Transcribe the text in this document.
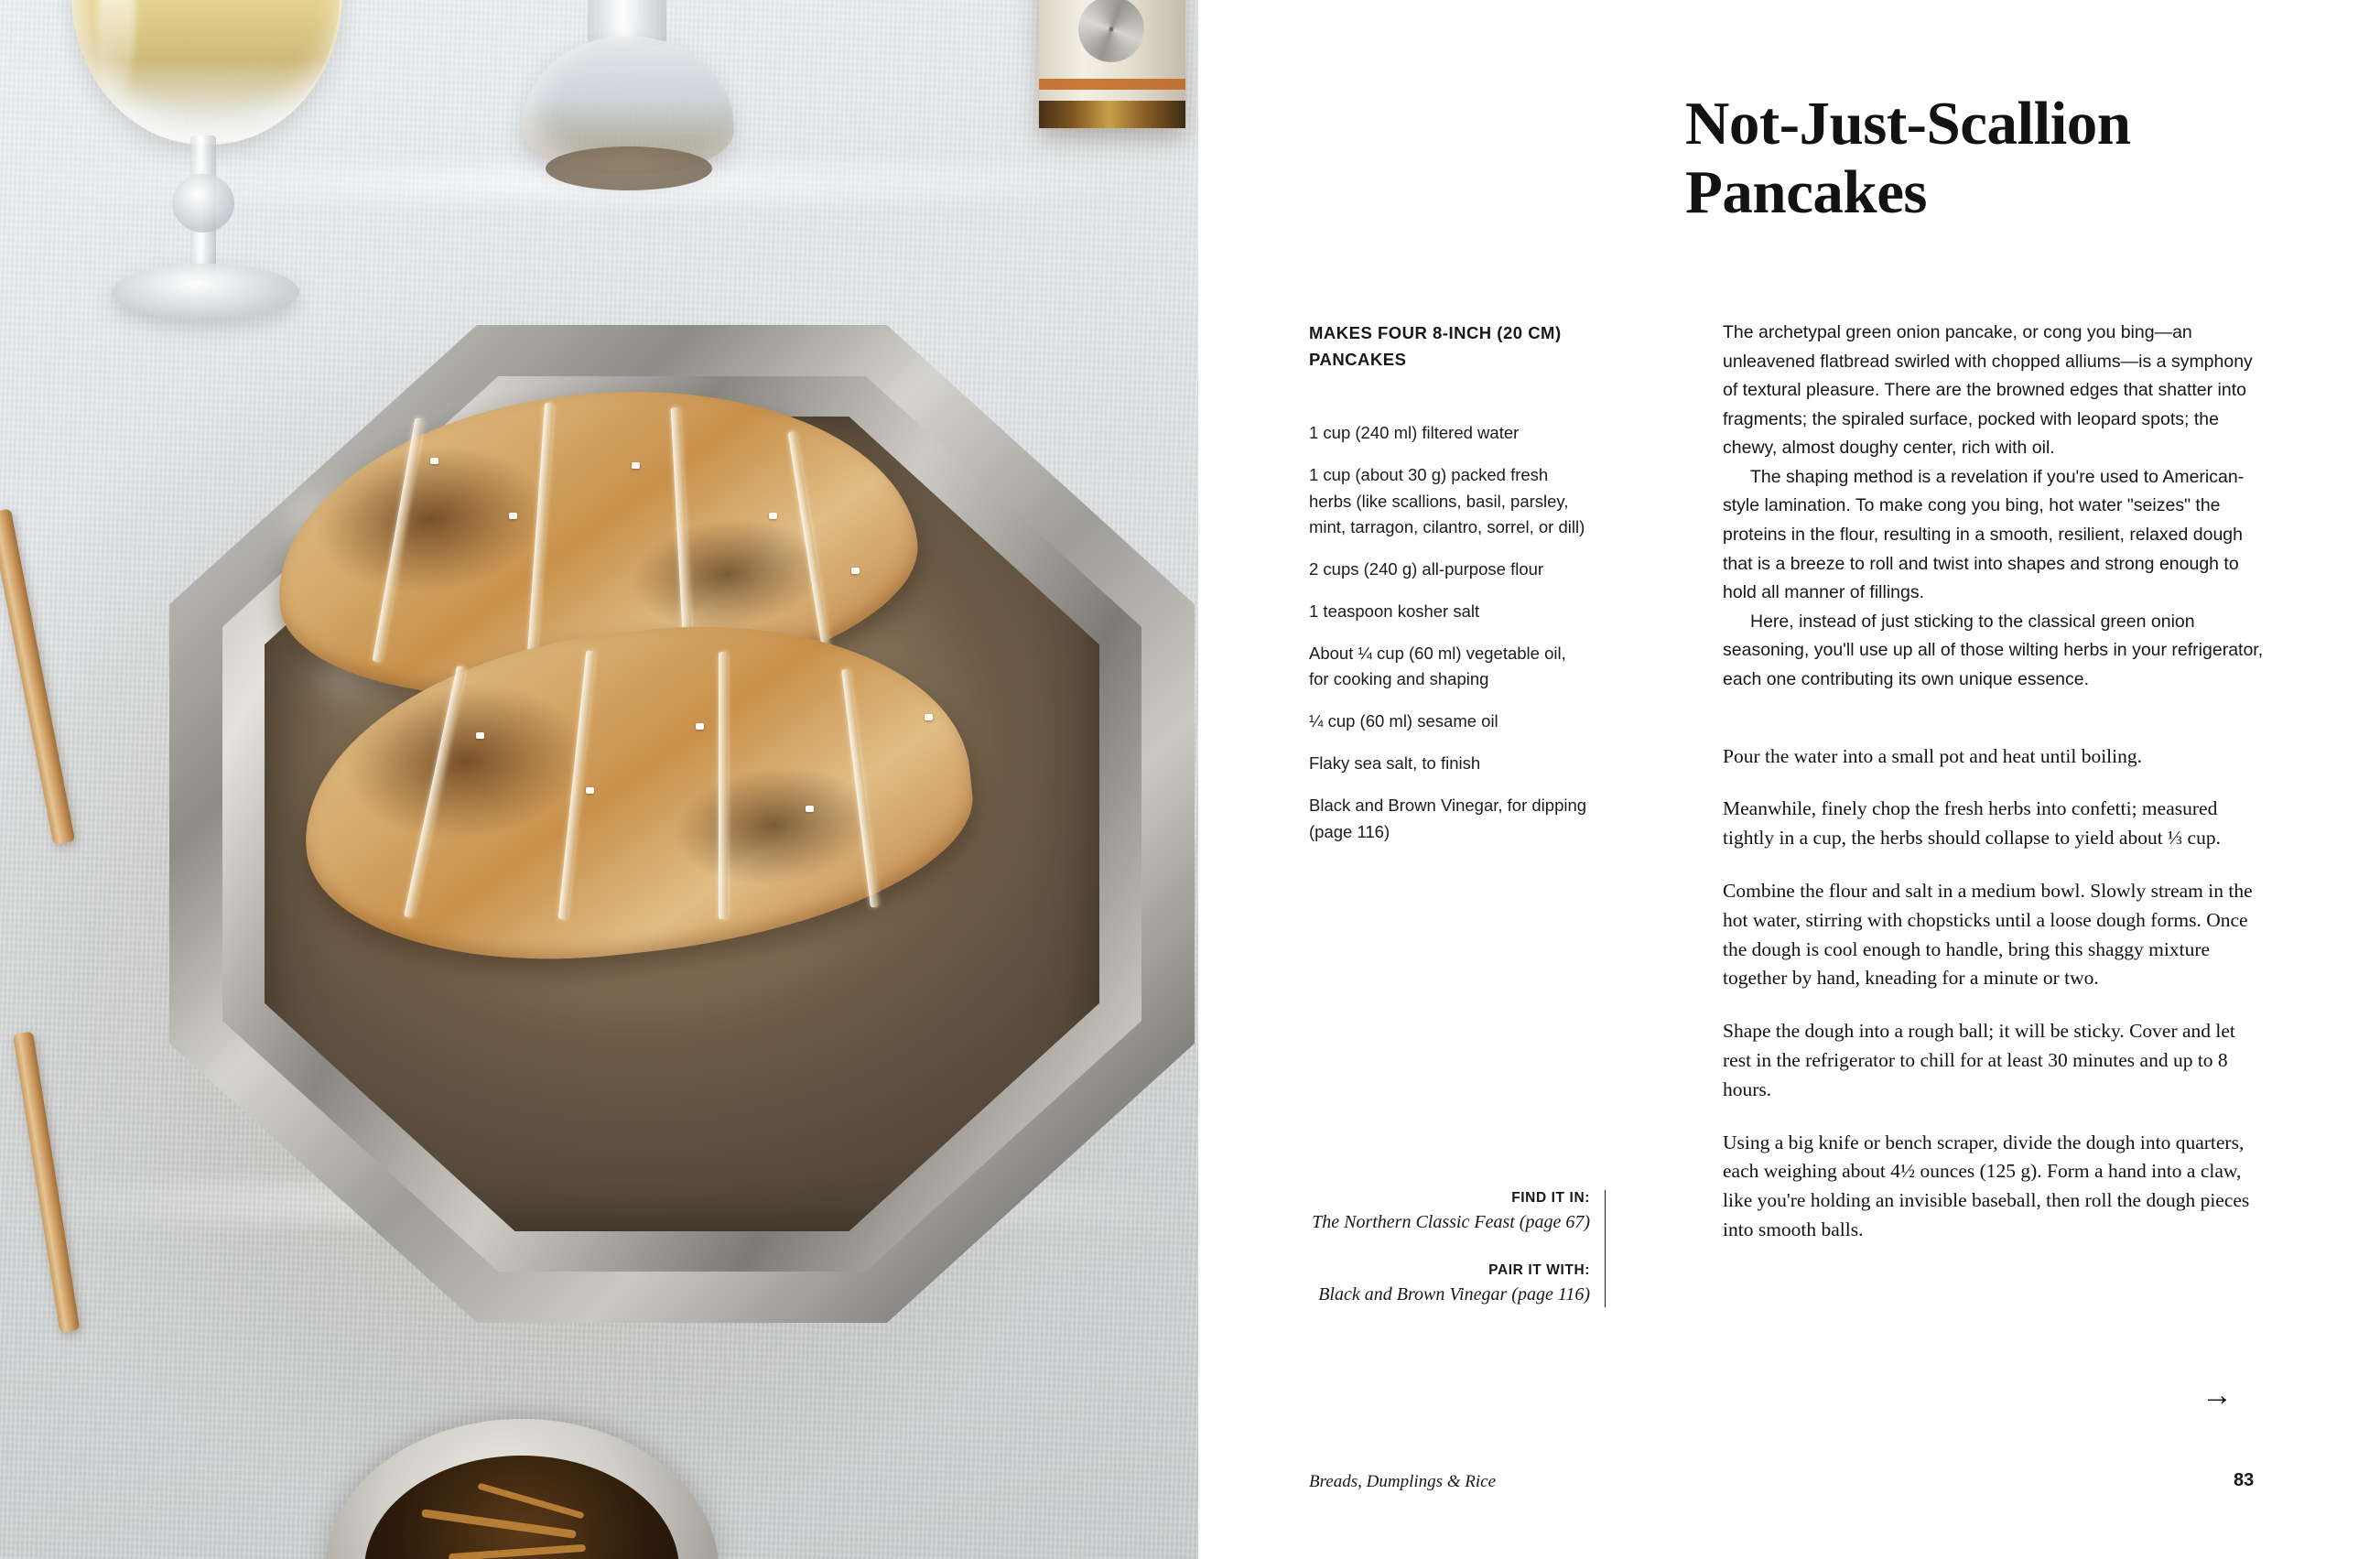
Not-Just-Scallion
Pancakes

MAKES FOUR 8-INCH (20 CM) PANCAKES

1 cup (240 ml) filtered water
1 cup (about 30 g) packed fresh herbs (like scallions, basil, parsley, mint, tarragon, cilantro, sorrel, or dill)
2 cups (240 g) all-purpose flour
1 teaspoon kosher salt
About ¼ cup (60 ml) vegetable oil, for cooking and shaping
¼ cup (60 ml) sesame oil
Flaky sea salt, to finish
Black and Brown Vinegar, for dipping (page 116)

FIND IT IN:

The Northern Classic Feast (page 67)

PAIR IT WITH:

Black and Brown Vinegar (page 116)

The archetypal green onion pancake, or cong you bing—an unleavened flatbread swirled with chopped alliums—is a symphony of textural pleasure. There are the browned edges that shatter into fragments; the spiraled surface, pocked with leopard spots; the chewy, almost doughy center, rich with oil.

The shaping method is a revelation if you're used to American-style lamination. To make cong you bing, hot water "seizes" the proteins in the flour, resulting in a smooth, resilient, relaxed dough that is a breeze to roll and twist into shapes and strong enough to hold all manner of fillings.

Here, instead of just sticking to the classical green onion seasoning, you'll use up all of those wilting herbs in your refrigerator, each one contributing its own unique essence.

Pour the water into a small pot and heat until boiling.

Meanwhile, finely chop the fresh herbs into confetti; measured tightly in a cup, the herbs should collapse to yield about ⅓ cup.

Combine the flour and salt in a medium bowl. Slowly stream in the hot water, stirring with chopsticks until a loose dough forms. Once the dough is cool enough to handle, bring this shaggy mixture together by hand, kneading for a minute or two.

Shape the dough into a rough ball; it will be sticky. Cover and let rest in the refrigerator to chill for at least 30 minutes and up to 8 hours.

Using a big knife or bench scraper, divide the dough into quarters, each weighing about 4½ ounces (125 g). Form a hand into a claw, like you're holding an invisible baseball, then roll the dough pieces into smooth balls.

→
Breads, Dumplings & Rice	83
